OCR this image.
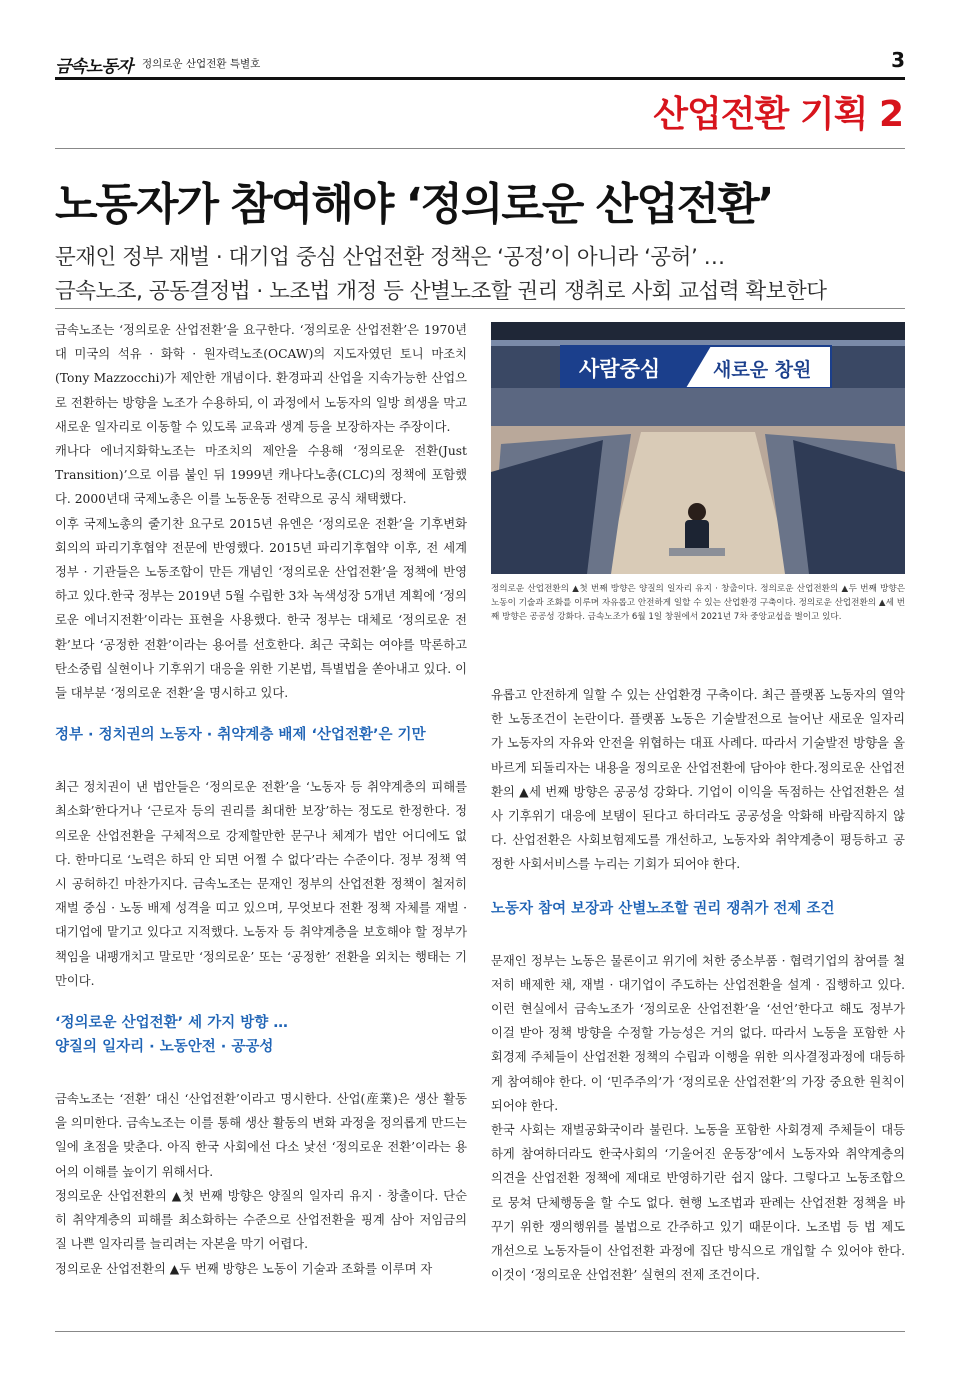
금속노동자 정의로운 산업전환 특별호	3
산업전환 기획 2
노동자가 참여해야 ‘정의로운 산업전환’
문재인 정부 재벌 · 대기업 중심 산업전환 정책은 ‘공정’이 아니라 ‘공허’ …
금속노조, 공동결정법 · 노조법 개정 등 산별노조할 권리 쟁취로 사회 교섭력 확보한다

금속노조는 ‘정의로운 산업전환’을 요구한다. ‘정의로운 산업전환’은 1970년대 미국의 석유 · 화학 · 원자력노조(OCAW)의 지도자였던 토니 마조치(Tony Mazzocchi)가 제안한 개념이다. 환경파괴 산업을 지속가능한 산업으로 전환하는 방향을 노조가 수용하되, 이 과정에서 노동자의 일방 희생을 막고 새로운 일자리로 이동할 수 있도록 교육과 생계 등을 보장하자는 주장이다.

캐나다 에너지화학노조는 마조치의 제안을 수용해 ‘정의로운 전환(Just Transition)’으로 이름 붙인 뒤 1999년 캐나다노총(CLC)의 정책에 포함했다. 2000년대 국제노총은 이를 노동운동 전략으로 공식 채택했다.

이후 국제노총의 줄기찬 요구로 2015년 유엔은 ‘정의로운 전환’을 기후변화회의의 파리기후협약 전문에 반영했다. 2015년 파리기후협약 이후, 전 세계 정부 · 기관들은 노동조합이 만든 개념인 ‘정의로운 산업전환’을 정책에 반영하고 있다.한국 정부는 2019년 5월 수립한 3차 녹색성장 5개년 계획에 ‘정의로운 에너지전환’이라는 표현을 사용했다. 한국 정부는 대체로 ‘정의로운 전환’보다 ‘공정한 전환’이라는 용어를 선호한다. 최근 국회는 여야를 막론하고 탄소중립 실현이나 기후위기 대응을 위한 기본법, 특별법을 쏟아내고 있다. 이들 대부분 ‘정의로운 전환’을 명시하고 있다.

정부 · 정치권의 노동자 · 취약계층 배제 ‘산업전환’은 기만

최근 정치권이 낸 법안들은 ‘정의로운 전환’을 ‘노동자 등 취약계층의 피해를 최소화’한다거나 ‘근로자 등의 권리를 최대한 보장’하는 정도로 한정한다. 정의로운 산업전환을 구체적으로 강제할만한 문구나 체계가 법안 어디에도 없다. 한마디로 ‘노력은 하되 안 되면 어쩔 수 없다’라는 수준이다. 정부 정책 역시 공허하긴 마찬가지다. 금속노조는 문재인 정부의 산업전환 정책이 철저히 재벌 중심 · 노동 배제 성격을 띠고 있으며, 무엇보다 전환 정책 자체를 재벌 · 대기업에 맡기고 있다고 지적했다. 노동자 등 취약계층을 보호해야 할 정부가 책임을 내팽개치고 말로만 ‘정의로운’ 또는 ‘공정한’ 전환을 외치는 행태는 기만이다.

‘정의로운 산업전환’ 세 가지 방향 …
양질의 일자리 · 노동안전 · 공공성

금속노조는 ‘전환’ 대신 ‘산업전환’이라고 명시한다. 산업(産業)은 생산 활동을 의미한다. 금속노조는 이를 통해 생산 활동의 변화 과정을 정의롭게 만드는 일에 초점을 맞춘다. 아직 한국 사회에선 다소 낯선 ‘정의로운 전환’이라는 용어의 이해를 높이기 위해서다.

정의로운 산업전환의 ▲첫 번째 방향은 양질의 일자리 유지 · 창출이다. 단순히 취약계층의 피해를 최소화하는 수준으로 산업전환을 핑계 삼아 저임금의 질 나쁜 일자리를 늘리려는 자본을 막기 어렵다.

정의로운 산업전환의 ▲두 번째 방향은 노동이 기술과 조화를 이루며 자

사람중심	새로운 창원
정의로운 산업전환의 ▲첫 번째 방향은 양질의 일자리 유지 · 창출이다. 정의로운 산업전환의 ▲두 번째 방향은 노동이 기술과 조화를 이루며 자유롭고 안전하게 일할 수 있는 산업환경 구축이다. 정의로운 산업전환의 ▲세 번째 방향은 공공성 강화다. 금속노조가 6월 1일 창원에서 2021년 7차 중앙교섭을 벌이고 있다.

유롭고 안전하게 일할 수 있는 산업환경 구축이다. 최근 플랫폼 노동자의 열악한 노동조건이 논란이다. 플랫폼 노동은 기술발전으로 늘어난 새로운 일자리가 노동자의 자유와 안전을 위협하는 대표 사례다. 따라서 기술발전 방향을 올바르게 되돌리자는 내용을 정의로운 산업전환에 담아야 한다.정의로운 산업전환의 ▲세 번째 방향은 공공성 강화다. 기업이 이익을 독점하는 산업전환은 설사 기후위기 대응에 보탬이 된다고 하더라도 공공성을 악화해 바람직하지 않다. 산업전환은 사회보험제도를 개선하고, 노동자와 취약계층이 평등하고 공정한 사회서비스를 누리는 기회가 되어야 한다.

노동자 참여 보장과 산별노조할 권리 쟁취가 전제 조건

문재인 정부는 노동은 물론이고 위기에 처한 중소부품 · 협력기업의 참여를 철저히 배제한 채, 재벌 · 대기업이 주도하는 산업전환을 설계 · 집행하고 있다. 이런 현실에서 금속노조가 ‘정의로운 산업전환’을 ‘선언’한다고 해도 정부가 이걸 받아 정책 방향을 수정할 가능성은 거의 없다. 따라서 노동을 포함한 사회경제 주체들이 산업전환 정책의 수립과 이행을 위한 의사결정과정에 대등하게 참여해야 한다. 이 ‘민주주의’가 ‘정의로운 산업전환’의 가장 중요한 원칙이 되어야 한다.

한국 사회는 재벌공화국이라 불린다. 노동을 포함한 사회경제 주체들이 대등하게 참여하더라도 한국사회의 ‘기울어진 운동장’에서 노동자와 취약계층의 의견을 산업전환 정책에 제대로 반영하기란 쉽지 않다. 그렇다고 노동조합으로 뭉쳐 단체행동을 할 수도 없다. 현행 노조법과 판례는 산업전환 정책을 바꾸기 위한 쟁의행위를 불법으로 간주하고 있기 때문이다. 노조법 등 법 제도 개선으로 노동자들이 산업전환 과정에 집단 방식으로 개입할 수 있어야 한다. 이것이 ‘정의로운 산업전환’ 실현의 전제 조건이다.
